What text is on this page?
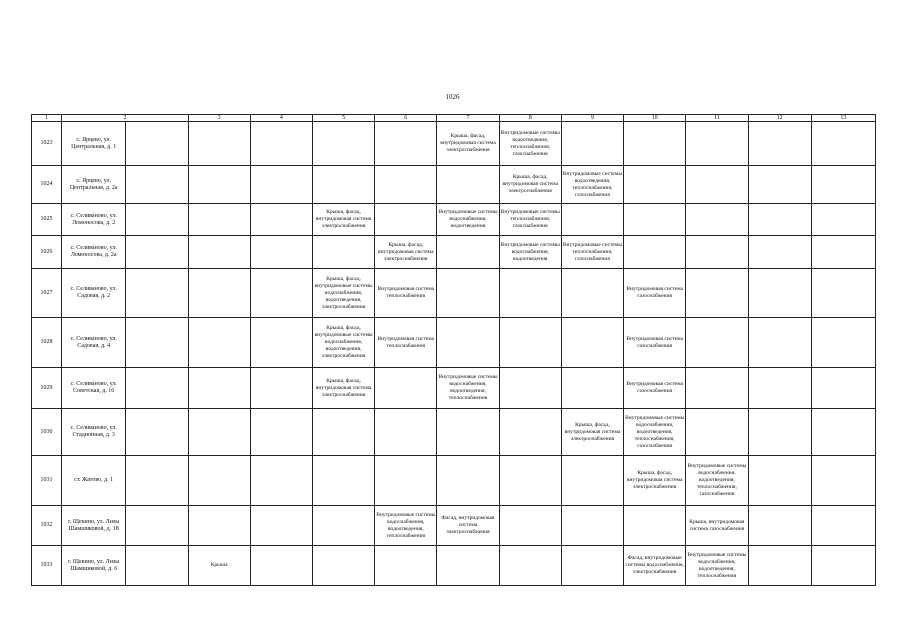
1026
1	2		3	4	5	6	7	8	9	10	11	12	13
1023	с. Ярцево, ул. Центральная, д. 1						Крыша, фасад, внутридомовая система электроснабжения	Внутридомовые системы водоотведения, теплоснабжения, газоснабжения					
1024	с. Ярцево, ул. Центральная, д. 2а							Крыша, фасад, внутридомовая система электроснабжения	Внутридомовые системы водоотведения, теплоснабжения, газоснабжения				
1025	с. Селиваново, ул. Ломоносова, д. 2				Крыша, фасад, внутридомовая система электроснабжения		Внутридомовые системы водоснабжения, водоотведения	Внутридомовые системы теплоснабжения, газоснабжения					
1026	с. Селиваново, ул. Ломоносова, д. 2а					Крыша, фасад, внутридомовая система электроснабжения		Внутридомовые системы водоснабжения, водоотведения	Внутридомовые системы теплоснабжения, газоснабжения				
1027	с. Селиваново, ул. Садовая, д. 2				Крыша, фасад, внутридомовые системы водоснабжения, водоотведения, электроснабжения	Внутридомовая система теплоснабжения				Внутридомовая система газоснабжения			
1028	с. Селиваново, ул. Садовая, д. 4				Крыша, фасад, внутридомовые системы водоснабжения, водоотведения, электроснабжения	Внутридомовая система теплоснабжения				Внутридомовая система газоснабжения			
1029	с. Селиваново, ул. Советская, д. 16				Крыша, фасад, внутридомовая система электроснабжения		Внутридомовые системы водоснабжения, водоотведения, теплоснабжения			Внутридомовая система газоснабжения			
1030	с. Селиваново, ул. Стадионная, д. 3								Крыша, фасад, внутридомовая система электроснабжения	Внутридомовые системы водоснабжения, водоотведения, теплоснабжения, газоснабжения			
1031	ст. Жатово, д. 1									Крыша, фасад, внутридомовая система электроснабжения	Внутридомовые системы водоснабжения, водоотведения, теплоснабжения, газоснабжения		
1032	г. Щекино, ул. Лизы Шамшиковой, д. 18					Внутридомовые системы водоснабжения, водоотведения, теплоснабжения	Фасад, внутридомовая система электроснабжения				Крыша, внутридомовая система газоснабжения		
1033	г. Щекино, ул. Лизы Шамшиковой, д. 6		Крыша							Фасад, внутридомовые системы водоснабжения, электроснабжения	Внутридомовые системы водоснабжения, водоотведения, теплоснабжения		
